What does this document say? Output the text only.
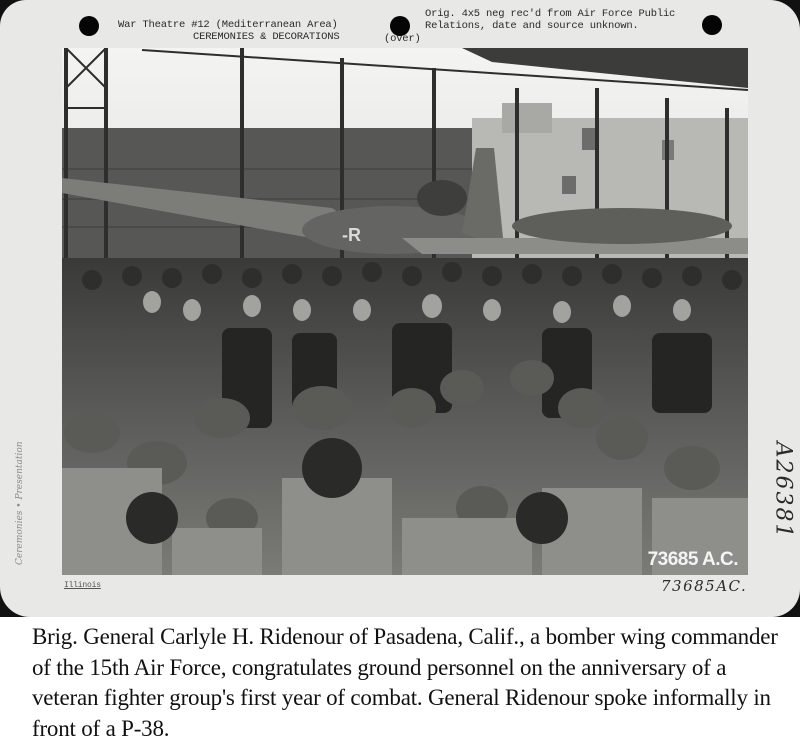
War Theatre #12 (Mediterranean Area)
CEREMONIES & DECORATIONS	(over)
Orig. 4x5 neg rec'd from Air Force Public
Relations, date and source unknown.
-R
73685 A.C.
73685AC.
A26381
Ceremonies • Presentation
Illinois
Brig. General Carlyle H. Ridenour of Pasadena, Calif., a bomber wing commander of the 15th Air Force, congratulates ground personnel on the anniversary of a veteran fighter group's first year of combat. General Ridenour spoke informally in front of a P-38.
